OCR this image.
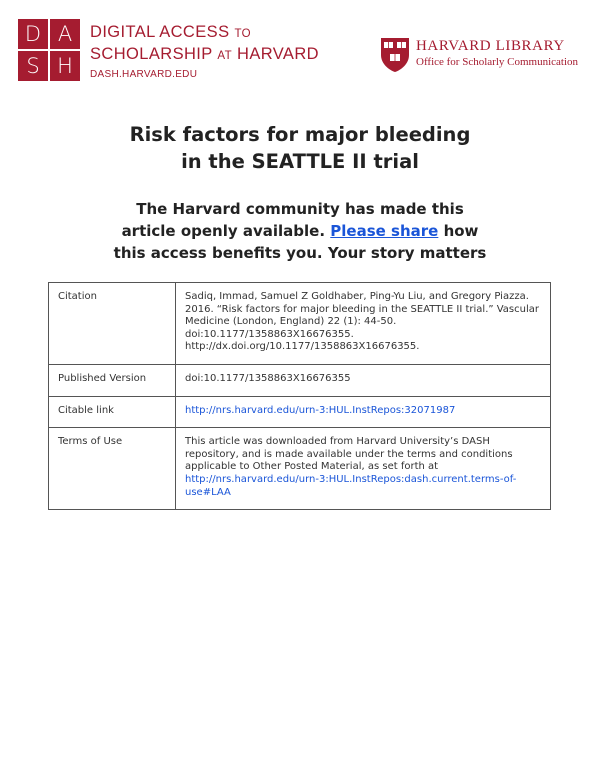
D A
S H
DIGITAL ACCESS TO
SCHOLARSHIP AT HARVARD
DASH.HARVARD.EDU
HARVARD LIBRARY
Office for Scholarly Communication
Risk factors for major bleeding
in the SEATTLE II trial
The Harvard community has made this
article openly available. Please share how
this access benefits you. Your story matters
Citation	Sadiq, Immad, Samuel Z Goldhaber, Ping-Yu Liu, and Gregory Piazza. 2016. “Risk factors for major bleeding in the SEATTLE II trial.” Vascular Medicine (London, England) 22 (1): 44-50. doi:10.1177/1358863X16676355. http://dx.doi.org/10.1177/1358863X16676355.
Published Version	doi:10.1177/1358863X16676355
Citable link	http://nrs.harvard.edu/urn-3:HUL.InstRepos:32071987
Terms of Use	This article was downloaded from Harvard University’s DASH repository, and is made available under the terms and conditions applicable to Other Posted Material, as set forth at http://nrs.harvard.edu/urn-3:HUL.InstRepos:dash.current.terms-of-use#LAA
